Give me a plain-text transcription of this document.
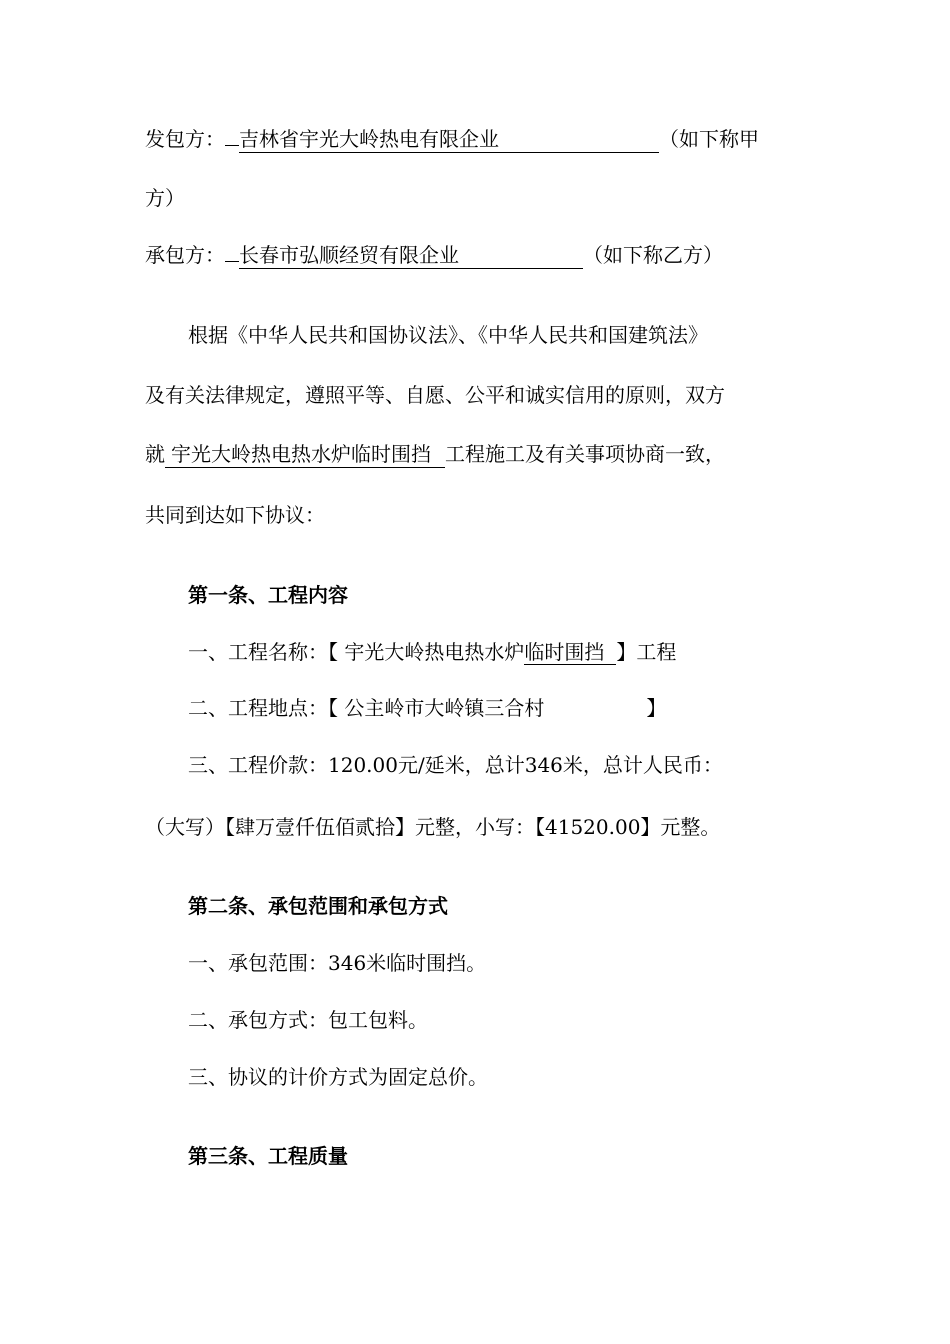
发包方： 吉林省宇光大岭热电有限企业	（如下称甲
方）
承包方： 长春市弘顺经贸有限企业	（如下称乙方）
根据《中华人民共和国协议法》、《中华人民共和国建筑法》
及有关法律规定，遵照平等、自愿、公平和诚实信用的原则，双方
就 宇光大岭热电热水炉临时围挡 工程施工及有关事项协商一致，
共同到达如下协议：
第一条、工程内容
一、工程名称：【 宇光大岭热电热水炉临时围挡 】工程
二、工程地点：【 公主岭市大岭镇三合村	】
三、工程价款：120.00元/延米，总计346米，总计人民币：
（大写）【肆万壹仟伍佰贰拾】元整，小写：【41520.00】元整。
第二条、承包范围和承包方式
一、承包范围：346米临时围挡。
二、承包方式：包工包料。
三、协议的计价方式为固定总价。
第三条、工程质量
